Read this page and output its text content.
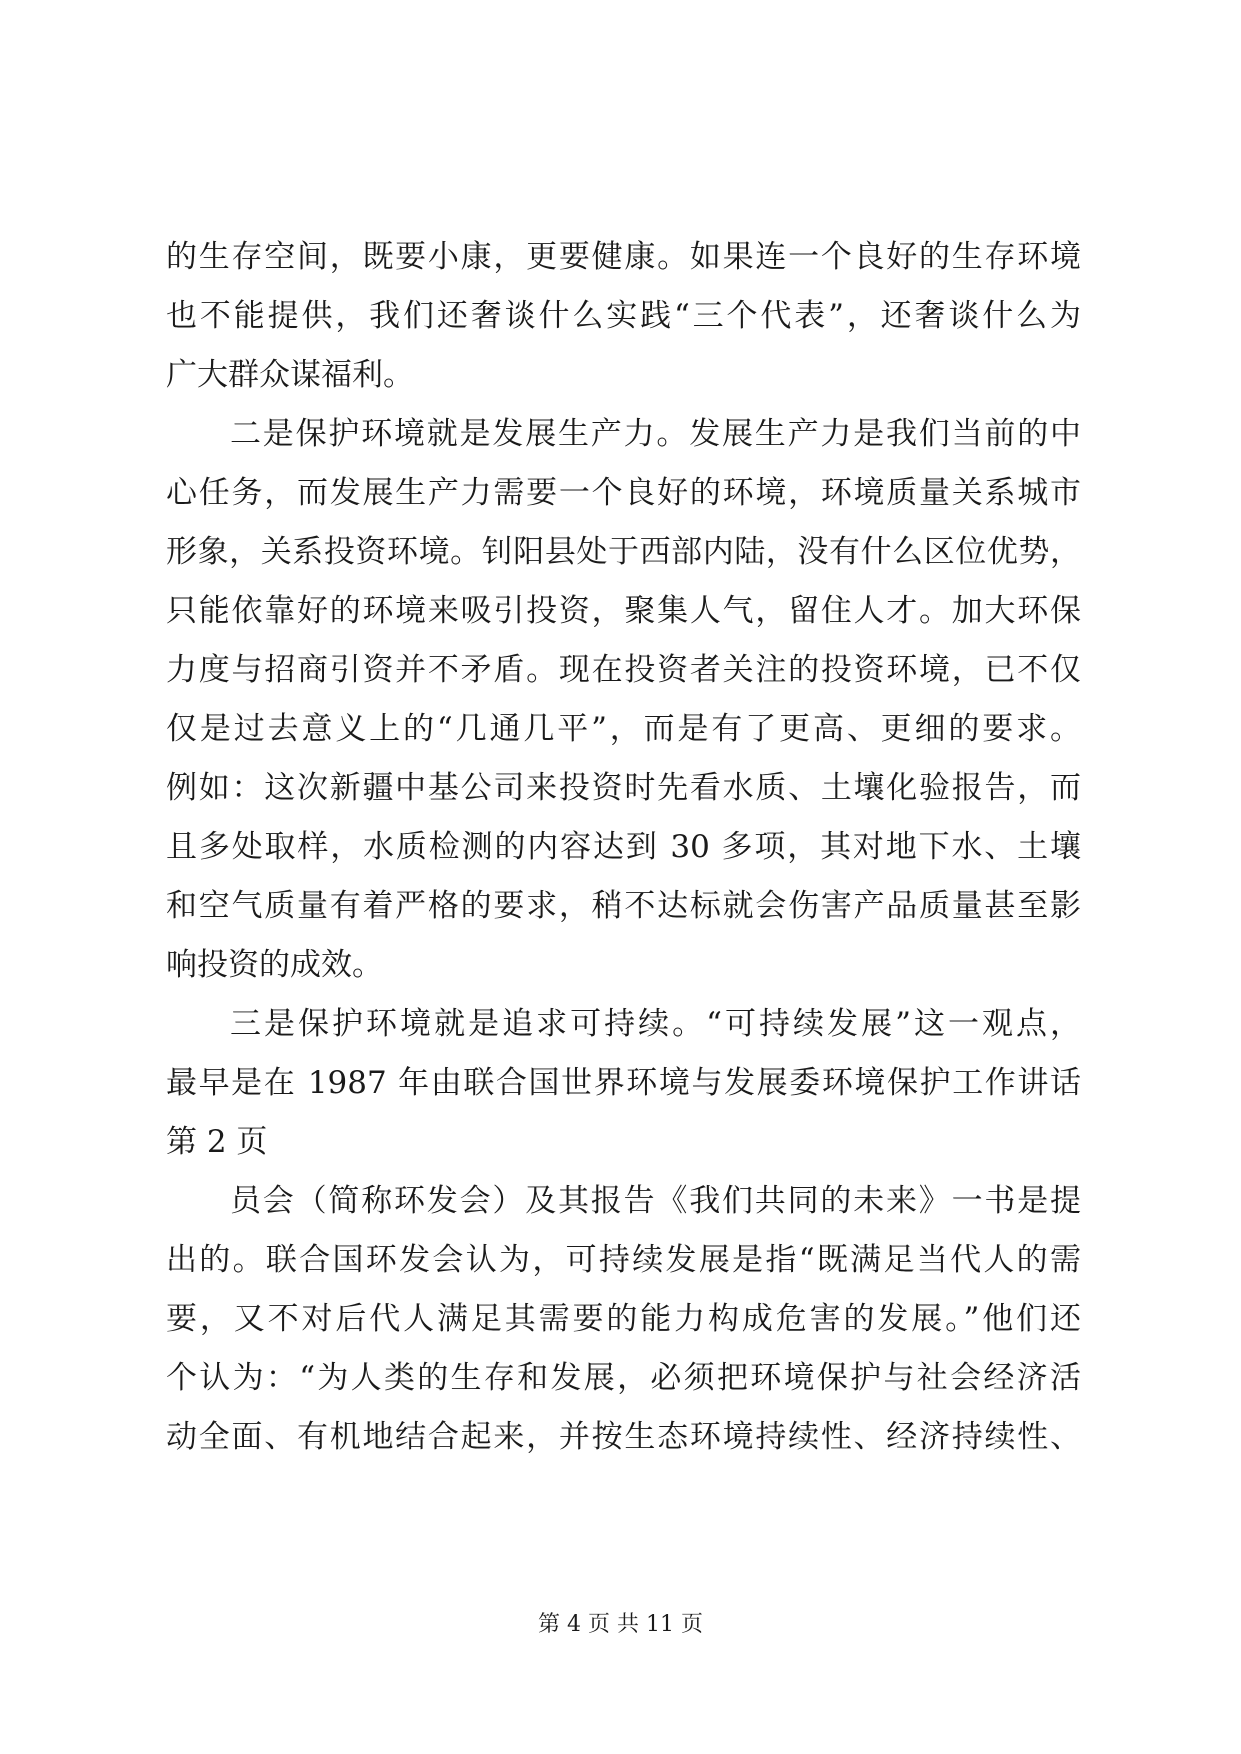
的生存空间，既要小康，更要健康。如果连一个良好的生存环境
也不能提供，我们还奢谈什么实践“三个代表”，还奢谈什么为
广大群众谋福利。
二是保护环境就是发展生产力。发展生产力是我们当前的中
心任务，而发展生产力需要一个良好的环境，环境质量关系城市
形象，关系投资环境。钊阳县处于西部内陆，没有什么区位优势，
只能依靠好的环境来吸引投资，聚集人气，留住人才。加大环保
力度与招商引资并不矛盾。现在投资者关注的投资环境，已不仅
仅是过去意义上的“几通几平”，而是有了更高、更细的要求。
例如：这次新疆中基公司来投资时先看水质、土壤化验报告，而
且多处取样，水质检测的内容达到 30 多项，其对地下水、土壤
和空气质量有着严格的要求，稍不达标就会伤害产品质量甚至影
响投资的成效。
三是保护环境就是追求可持续。“可持续发展”这一观点，
最早是在 1987 年由联合国世界环境与发展委环境保护工作讲话
第 2 页
员会（简称环发会）及其报告《我们共同的未来》一书是提
出的。联合国环发会认为，可持续发展是指“既满足当代人的需
要，又不对后代人满足其需要的能力构成危害的发展。”他们还
个认为：“为人类的生存和发展，必须把环境保护与社会经济活
动全面、有机地结合起来，并按生态环境持续性、经济持续性、
第 4 页 共 11 页
